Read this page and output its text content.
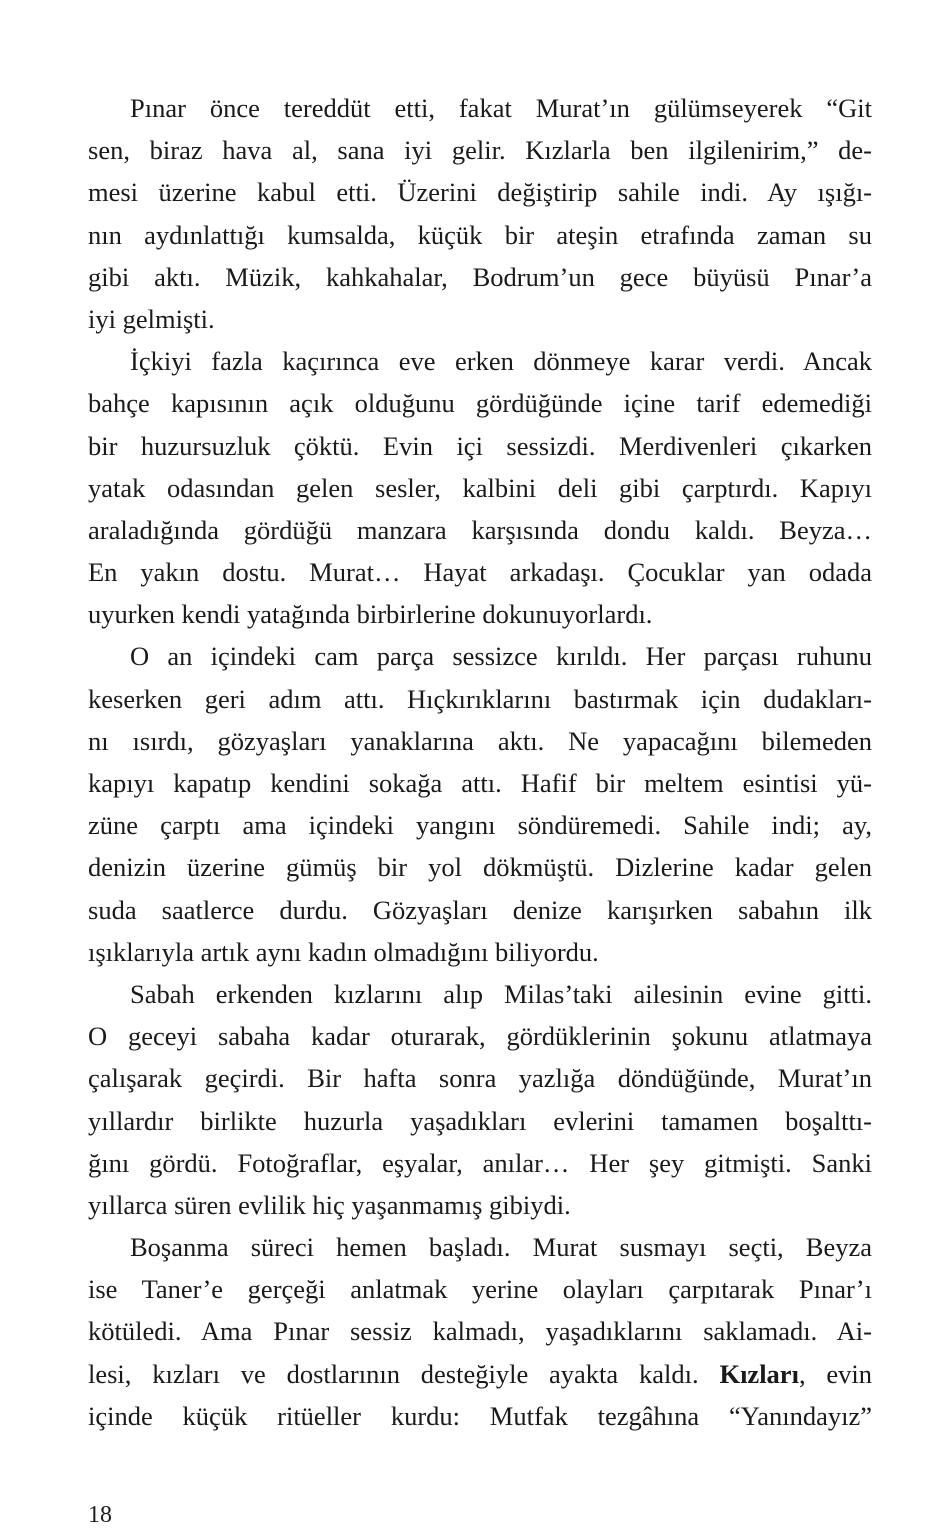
Pınar önce tereddüt etti, fakat Murat’ın gülümseyerek “Git
sen, biraz hava al, sana iyi gelir. Kızlarla ben ilgilenirim,” de-
mesi üzerine kabul etti. Üzerini değiştirip sahile indi. Ay ışığı-
nın aydınlattığı kumsalda, küçük bir ateşin etrafında zaman su
gibi aktı. Müzik, kahkahalar, Bodrum’un gece büyüsü Pınar’a
iyi gelmişti.
İçkiyi fazla kaçırınca eve erken dönmeye karar verdi. Ancak
bahçe kapısının açık olduğunu gördüğünde içine tarif edemediği
bir huzursuzluk çöktü. Evin içi sessizdi. Merdivenleri çıkarken
yatak odasından gelen sesler, kalbini deli gibi çarptırdı. Kapıyı
araladığında gördüğü manzara karşısında dondu kaldı. Beyza…
En yakın dostu. Murat… Hayat arkadaşı. Çocuklar yan odada
uyurken kendi yatağında birbirlerine dokunuyorlardı.
O an içindeki cam parça sessizce kırıldı. Her parçası ruhunu
keserken geri adım attı. Hıçkırıklarını bastırmak için dudakları-
nı ısırdı, gözyaşları yanaklarına aktı. Ne yapacağını bilemeden
kapıyı kapatıp kendini sokağa attı. Hafif bir meltem esintisi yü-
züne çarptı ama içindeki yangını söndüremedi. Sahile indi; ay,
denizin üzerine gümüş bir yol dökmüştü. Dizlerine kadar gelen
suda saatlerce durdu. Gözyaşları denize karışırken sabahın ilk
ışıklarıyla artık aynı kadın olmadığını biliyordu.
Sabah erkenden kızlarını alıp Milas’taki ailesinin evine gitti.
O geceyi sabaha kadar oturarak, gördüklerinin şokunu atlatmaya
çalışarak geçirdi. Bir hafta sonra yazlığa döndüğünde, Murat’ın
yıllardır birlikte huzurla yaşadıkları evlerini tamamen boşalttı-
ğını gördü. Fotoğraflar, eşyalar, anılar… Her şey gitmişti. Sanki
yıllarca süren evlilik hiç yaşanmamış gibiydi.
Boşanma süreci hemen başladı. Murat susmayı seçti, Beyza
ise Taner’e gerçeği anlatmak yerine olayları çarpıtarak Pınar’ı
kötüledi. Ama Pınar sessiz kalmadı, yaşadıklarını saklamadı. Ai-
lesi, kızları ve dostlarının desteğiyle ayakta kaldı. Kızları, evin
içinde küçük ritüeller kurdu: Mutfak tezgâhına “Yanındayız”
18
